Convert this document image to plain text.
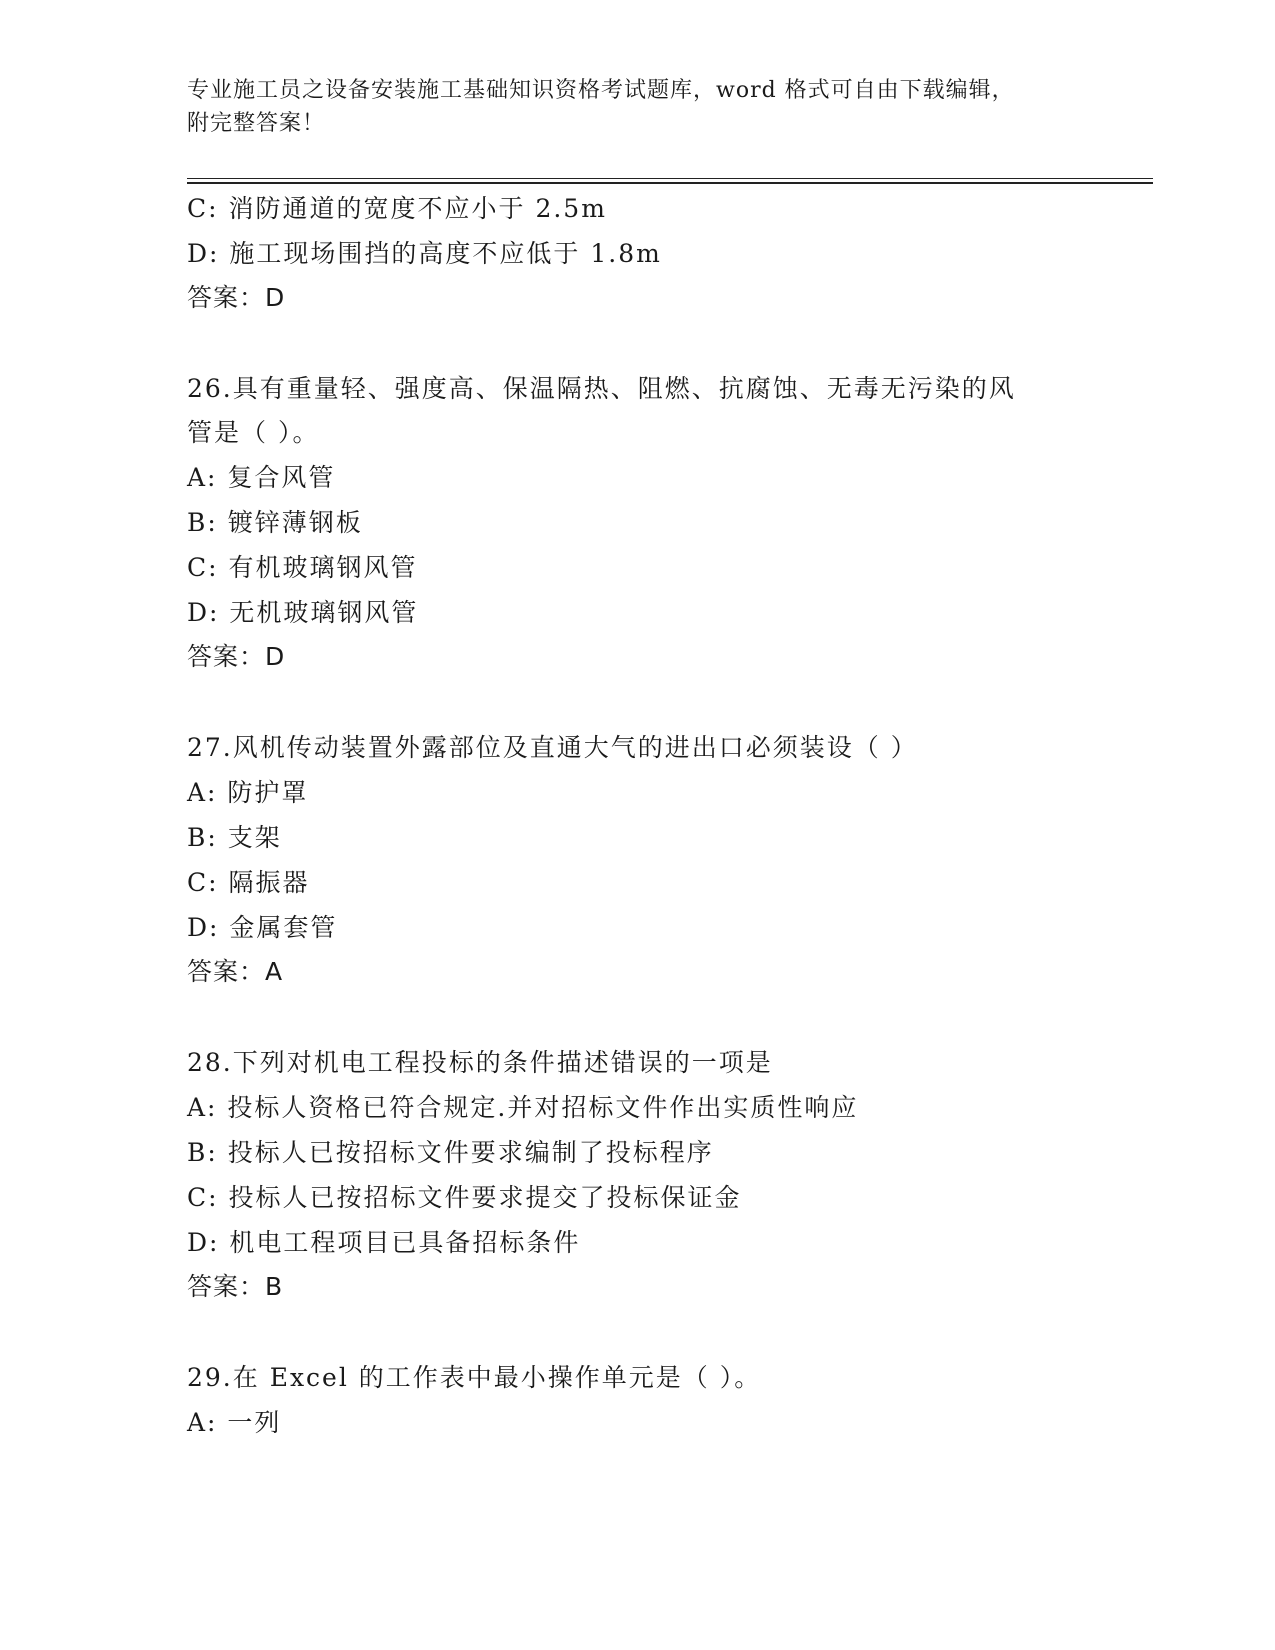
专业施工员之设备安装施工基础知识资格考试题库，word 格式可自由下载编辑，
附完整答案！
C: 消防通道的宽度不应小于 2.5m
D: 施工现场围挡的高度不应低于 1.8m
答案：D
26.具有重量轻、强度高、保温隔热、阻燃、抗腐蚀、无毒无污染的风
管是（ ）。
A: 复合风管
B: 镀锌薄钢板
C: 有机玻璃钢风管
D: 无机玻璃钢风管
答案：D
27.风机传动装置外露部位及直通大气的进出口必须装设（ ）
A: 防护罩
B: 支架
C: 隔振器
D: 金属套管
答案：A
28.下列对机电工程投标的条件描述错误的一项是
A: 投标人资格已符合规定.并对招标文件作出实质性响应
B: 投标人已按招标文件要求编制了投标程序
C: 投标人已按招标文件要求提交了投标保证金
D: 机电工程项目已具备招标条件
答案：B
29.在 Excel 的工作表中最小操作单元是（ ）。
A: 一列
